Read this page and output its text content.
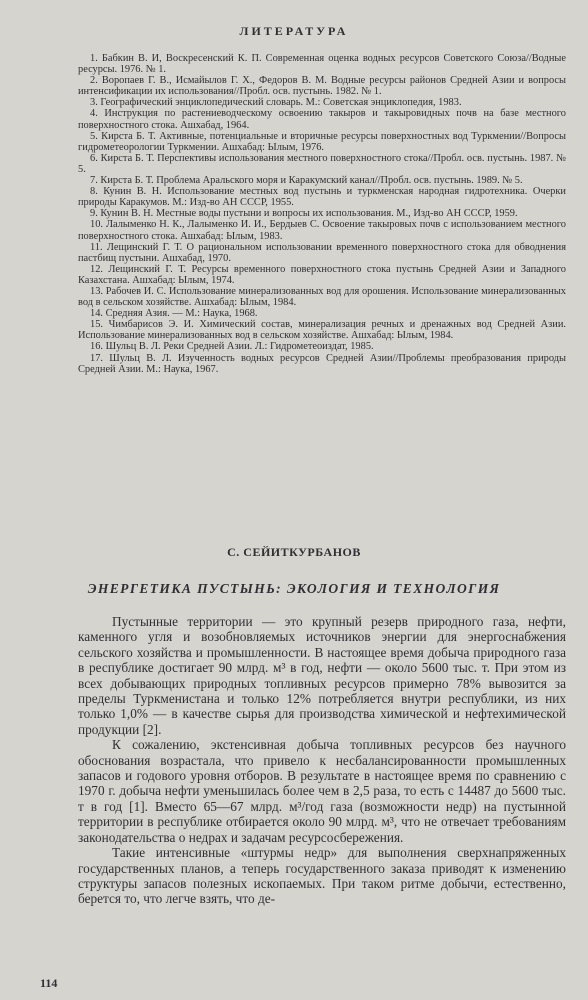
ЛИТЕРАТУРА
1. Бабкин В. И, Воскресенский К. П. Современная оценка водных ресурсов Советского Союза//Водные ресурсы. 1976. № 1.
2. Воропаев Г. В., Исмайылов Г. Х., Федоров В. М. Водные ресурсы районов Средней Азии и вопросы интенсификации их использования//Пробл. осв. пустынь. 1982. № 1.
3. Географический энциклопедический словарь. М.: Советская энциклопедия, 1983.
4. Инструкция по растениеводческому освоению такыров и такыровидных почв на базе местного поверхностного стока. Ашхабад, 1964.
5. Кирста Б. Т. Активные, потенциальные и вторичные ресурсы поверхностных вод Туркмении//Вопросы гидрометеорологии Туркмении. Ашхабад: Ылым, 1976.
6. Кирста Б. Т. Перспективы использования местного поверхностного стока//Пробл. осв. пустынь. 1987. № 5.
7. Кирста Б. Т. Проблема Аральского моря и Каракумский канал//Пробл. осв. пустынь. 1989. № 5.
8. Кунин В. Н. Использование местных вод пустынь и туркменская народная гидротехника. Очерки природы Каракумов. М.: Изд-во АН СССР, 1955.
9. Кунин В. Н. Местные воды пустыни и вопросы их использования. М., Изд-во АН СССР, 1959.
10. Лалыменко Н. К., Лалыменко И. И., Бердыев С. Освоение такыровых почв с использованием местного поверхностного стока. Ашхабад: Ылым, 1983.
11. Лещинский Г. Т. О рациональном использовании временного поверхностного стока для обводнения пастбищ пустыни. Ашхабад, 1970.
12. Лещинский Г. Т. Ресурсы временного поверхностного стока пустынь Средней Азии и Западного Казахстана. Ашхабад: Ылым, 1974.
13. Рабочев И. С. Использование минерализованных вод для орошения. Использование минерализованных вод в сельском хозяйстве. Ашхабад: Ылым, 1984.
14. Средняя Азия. — М.: Наука, 1968.
15. Чимбарисов Э. И. Химический состав, минерализация речных и дренажных вод Средней Азии. Использование минерализованных вод в сельском хозяйстве. Ашхабад: Ылым, 1984.
16. Шульц В. Л. Реки Средней Азии. Л.: Гидрометеоиздат, 1985.
17. Шульц В. Л. Изученность водных ресурсов Средней Азии//Проблемы преобразования природы Средней Азии. М.: Наука, 1967.
С. СЕЙИТКУРБАНОВ
ЭНЕРГЕТИКА ПУСТЫНЬ: ЭКОЛОГИЯ И ТЕХНОЛОГИЯ
Пустынные территории — это крупный резерв природного газа, нефти, каменного угля и возобновляемых источников энергии для энергоснабжения сельского хозяйства и промышленности. В настоящее время добыча природного газа в республике достигает 90 млрд. м³ в год, нефти — около 5600 тыс. т. При этом из всех добывающих природных топливных ресурсов примерно 78% вывозится за пределы Туркменистана и только 12% потребляется внутри республики, из них только 1,0% — в качестве сырья для производства химической и нефтехимической продукции [2].
К сожалению, экстенсивная добыча топливных ресурсов без научного обоснования возрастала, что привело к несбалансированности промышленных запасов и годового уровня отборов. В результате в настоящее время по сравнению с 1970 г. добыча нефти уменьшилась более чем в 2,5 раза, то есть с 14487 до 5600 тыс. т в год [1]. Вместо 65—67 млрд. м³/год газа (возможности недр) на пустынной территории в республике отбирается около 90 млрд. м³, что не отвечает требованиям законодательства о недрах и задачам ресурсосбережения.
Такие интенсивные «штурмы недр» для выполнения сверхнапряженных государственных планов, а теперь государственного заказа приводят к изменению структуры запасов полезных ископаемых. При таком ритме добычи, естественно, берется то, что легче взять, что де-
114
